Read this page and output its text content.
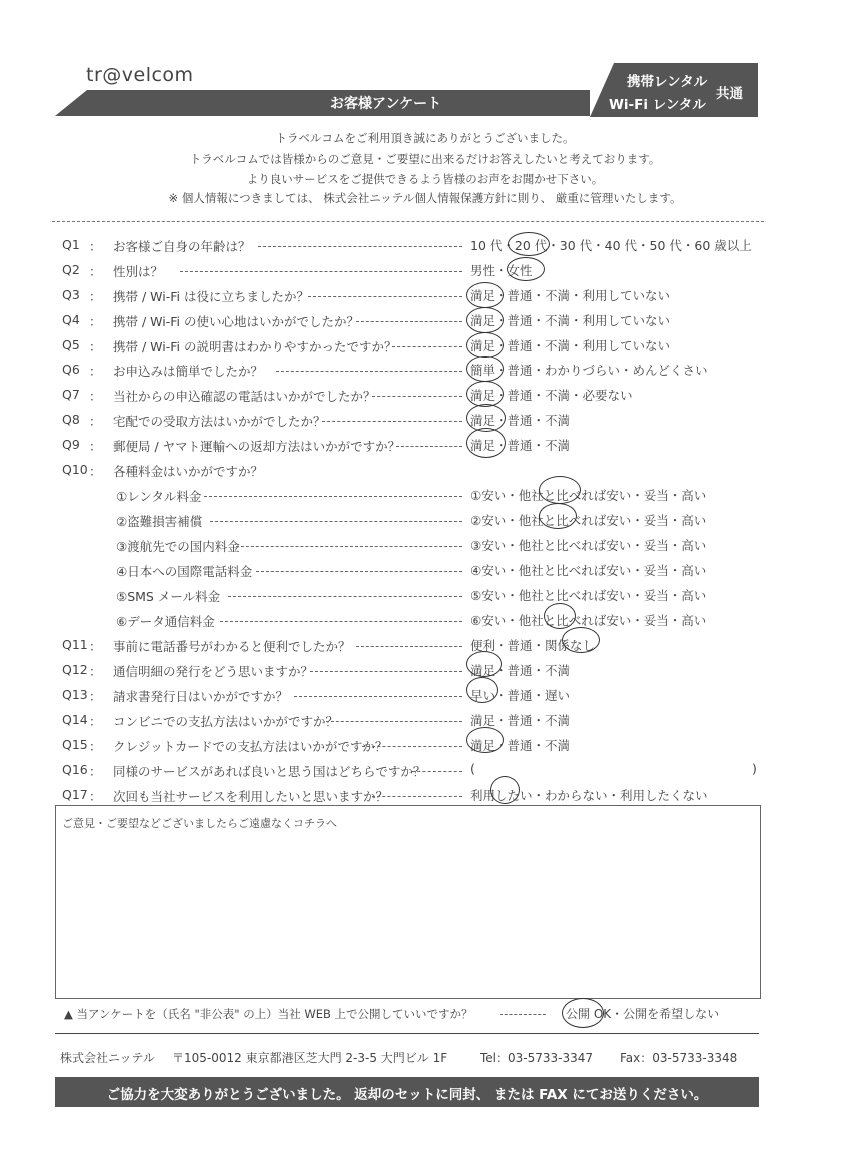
tr@velcom
お客様アンケート
携帯レンタル
Wi-Fi レンタル
共通
トラベルコムをご利用頂き誠にありがとうございました。
トラベルコムでは皆様からのご意見・ご要望に出来るだけお答えしたいと考えております。
より良いサービスをご提供できるよう皆様のお声をお聞かせ下さい。
※ 個人情報につきましては、 株式会社ニッテル個人情報保護方針に則り、 厳重に管理いたします。
Q1 ： お客様ご自身の年齢は？	10 代・20 代・30 代・40 代・50 代・60 歳以上
Q2 ： 性別は？	男性・女性
Q3 ： 携帯 / Wi-Fi は役に立ちましたか？	満足・普通・不満・利用していない
Q4 ： 携帯 / Wi-Fi の使い心地はいかがでしたか？	満足・普通・不満・利用していない
Q5 ： 携帯 / Wi-Fi の説明書はわかりやすかったですか？	満足・普通・不満・利用していない
Q6 ： お申込みは簡単でしたか？	簡単・普通・わかりづらい・めんどくさい
Q7 ： 当社からの申込確認の電話はいかがでしたか？	満足・普通・不満・必要ない
Q8 ： 宅配での受取方法はいかがでしたか？	満足・普通・不満
Q9 ： 郵便局 / ヤマト運輸への返却方法はいかがですか？	満足・普通・不満
Q10 ： 各種料金はいかがですか？
①レンタル料金	①安い・他社と比べれば安い・妥当・高い
②盗難損害補償	②安い・他社と比べれば安い・妥当・高い
③渡航先での国内料金	③安い・他社と比べれば安い・妥当・高い
④日本への国際電話料金	④安い・他社と比べれば安い・妥当・高い
⑤SMS メール料金	⑤安い・他社と比べれば安い・妥当・高い
⑥データ通信料金	⑥安い・他社と比べれば安い・妥当・高い
Q11 ： 事前に電話番号がわかると便利でしたか？	便利・普通・関係なし
Q12 ： 通信明細の発行をどう思いますか？	満足・普通・不満
Q13 ： 請求書発行日はいかがですか？	早い・普通・遅い
Q14 ： コンビニでの支払方法はいかがですか？	満足・普通・不満
Q15 ： クレジットカードでの支払方法はいかがですか？	満足・普通・不満
Q16 ： 同様のサービスがあれば良いと思う国はどちらですか？	(	)
Q17 ： 次回も当社サービスを利用したいと思いますか？	利用したい・わからない・利用したくない
ご意見・ご要望などございましたらご遠慮なくコチラへ
▲ 当アンケートを（氏名 "非公表" の上）当社 WEB 上で公開していいですか？	公開 OK・公開を希望しない
株式会社ニッテル 〒105-0012 東京都港区芝大門 2-3-5 大門ビル 1F	Tel：03-5733-3347 Fax：03-5733-3348
ご協力を大変ありがとうございました。 返却のセットに同封、 または FAX にてお送りください。
